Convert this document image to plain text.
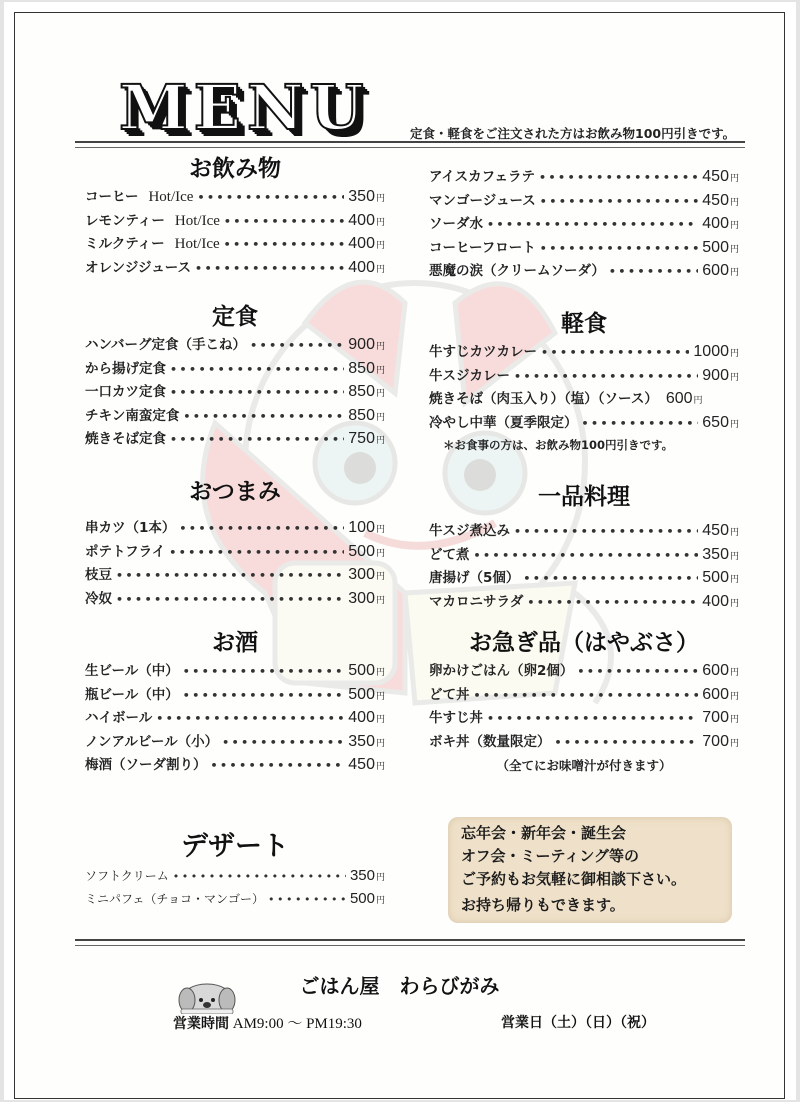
MENU	定食・軽食をご注文された方はお飲み物100円引きです。
お飲み物
コーヒー Hot/Ice •••••	350円
レモンティー Hot/Ice •••••	400円
ミルクティー Hot/Ice •••••	400円
オレンジジュース •••••	400円
定食
ハンバーグ定食（手こね） •••••	900円
から揚げ定食 •••••	850円
一口カツ定食 •••••	850円
チキン南蛮定食 •••••	850円
焼きそば定食 •••••	750円
おつまみ
串カツ（1本） •••••	100円
ポテトフライ •••••	500円
枝豆 •••••	300円
冷奴 •••••	300円
お酒
生ビール（中） •••••	500円
瓶ビール（中） •••••	500円
ハイボール •••••	400円
ノンアルビール（小） •••••	350円
梅酒（ソーダ割り） •••••	450円
デザート
ソフトクリーム •••••	350円
ミニパフェ（チョコ・マンゴー） •••••	500円
アイスカフェラテ •••••	450円
マンゴージュース •••••	450円
ソーダ水 •••••	400円
コーヒーフロート •••••	500円
悪魔の涙（クリームソーダ） •••••	600円
軽食
牛すじカツカレー •••••	1000円
牛スジカレー •••••	900円
焼きそば（肉玉入り）（塩）（ソース） 600円
冷やし中華（夏季限定） •••••	650円
＊お食事の方は、お飲み物100円引きです。
一品料理
牛スジ煮込み •••••	450円
どて煮 •••••	350円
唐揚げ（5個） •••••	500円
マカロニサラダ •••••	400円
お急ぎ品（はやぶさ）
卵かけごはん（卵2個） •••••	600円
どて丼 •••••	600円
牛すじ丼 •••••	700円
ボキ丼（数量限定） •••••	700円
（全てにお味噌汁が付きます）
忘年会・新年会・誕生会
オフ会・ミーティング等の
ご予約もお気軽に御相談下さい。
お持ち帰りもできます。
ごはん屋　わらびがみ
営業時間 AM9:00 ～ PM19:30	営業日（土）（日）（祝）
